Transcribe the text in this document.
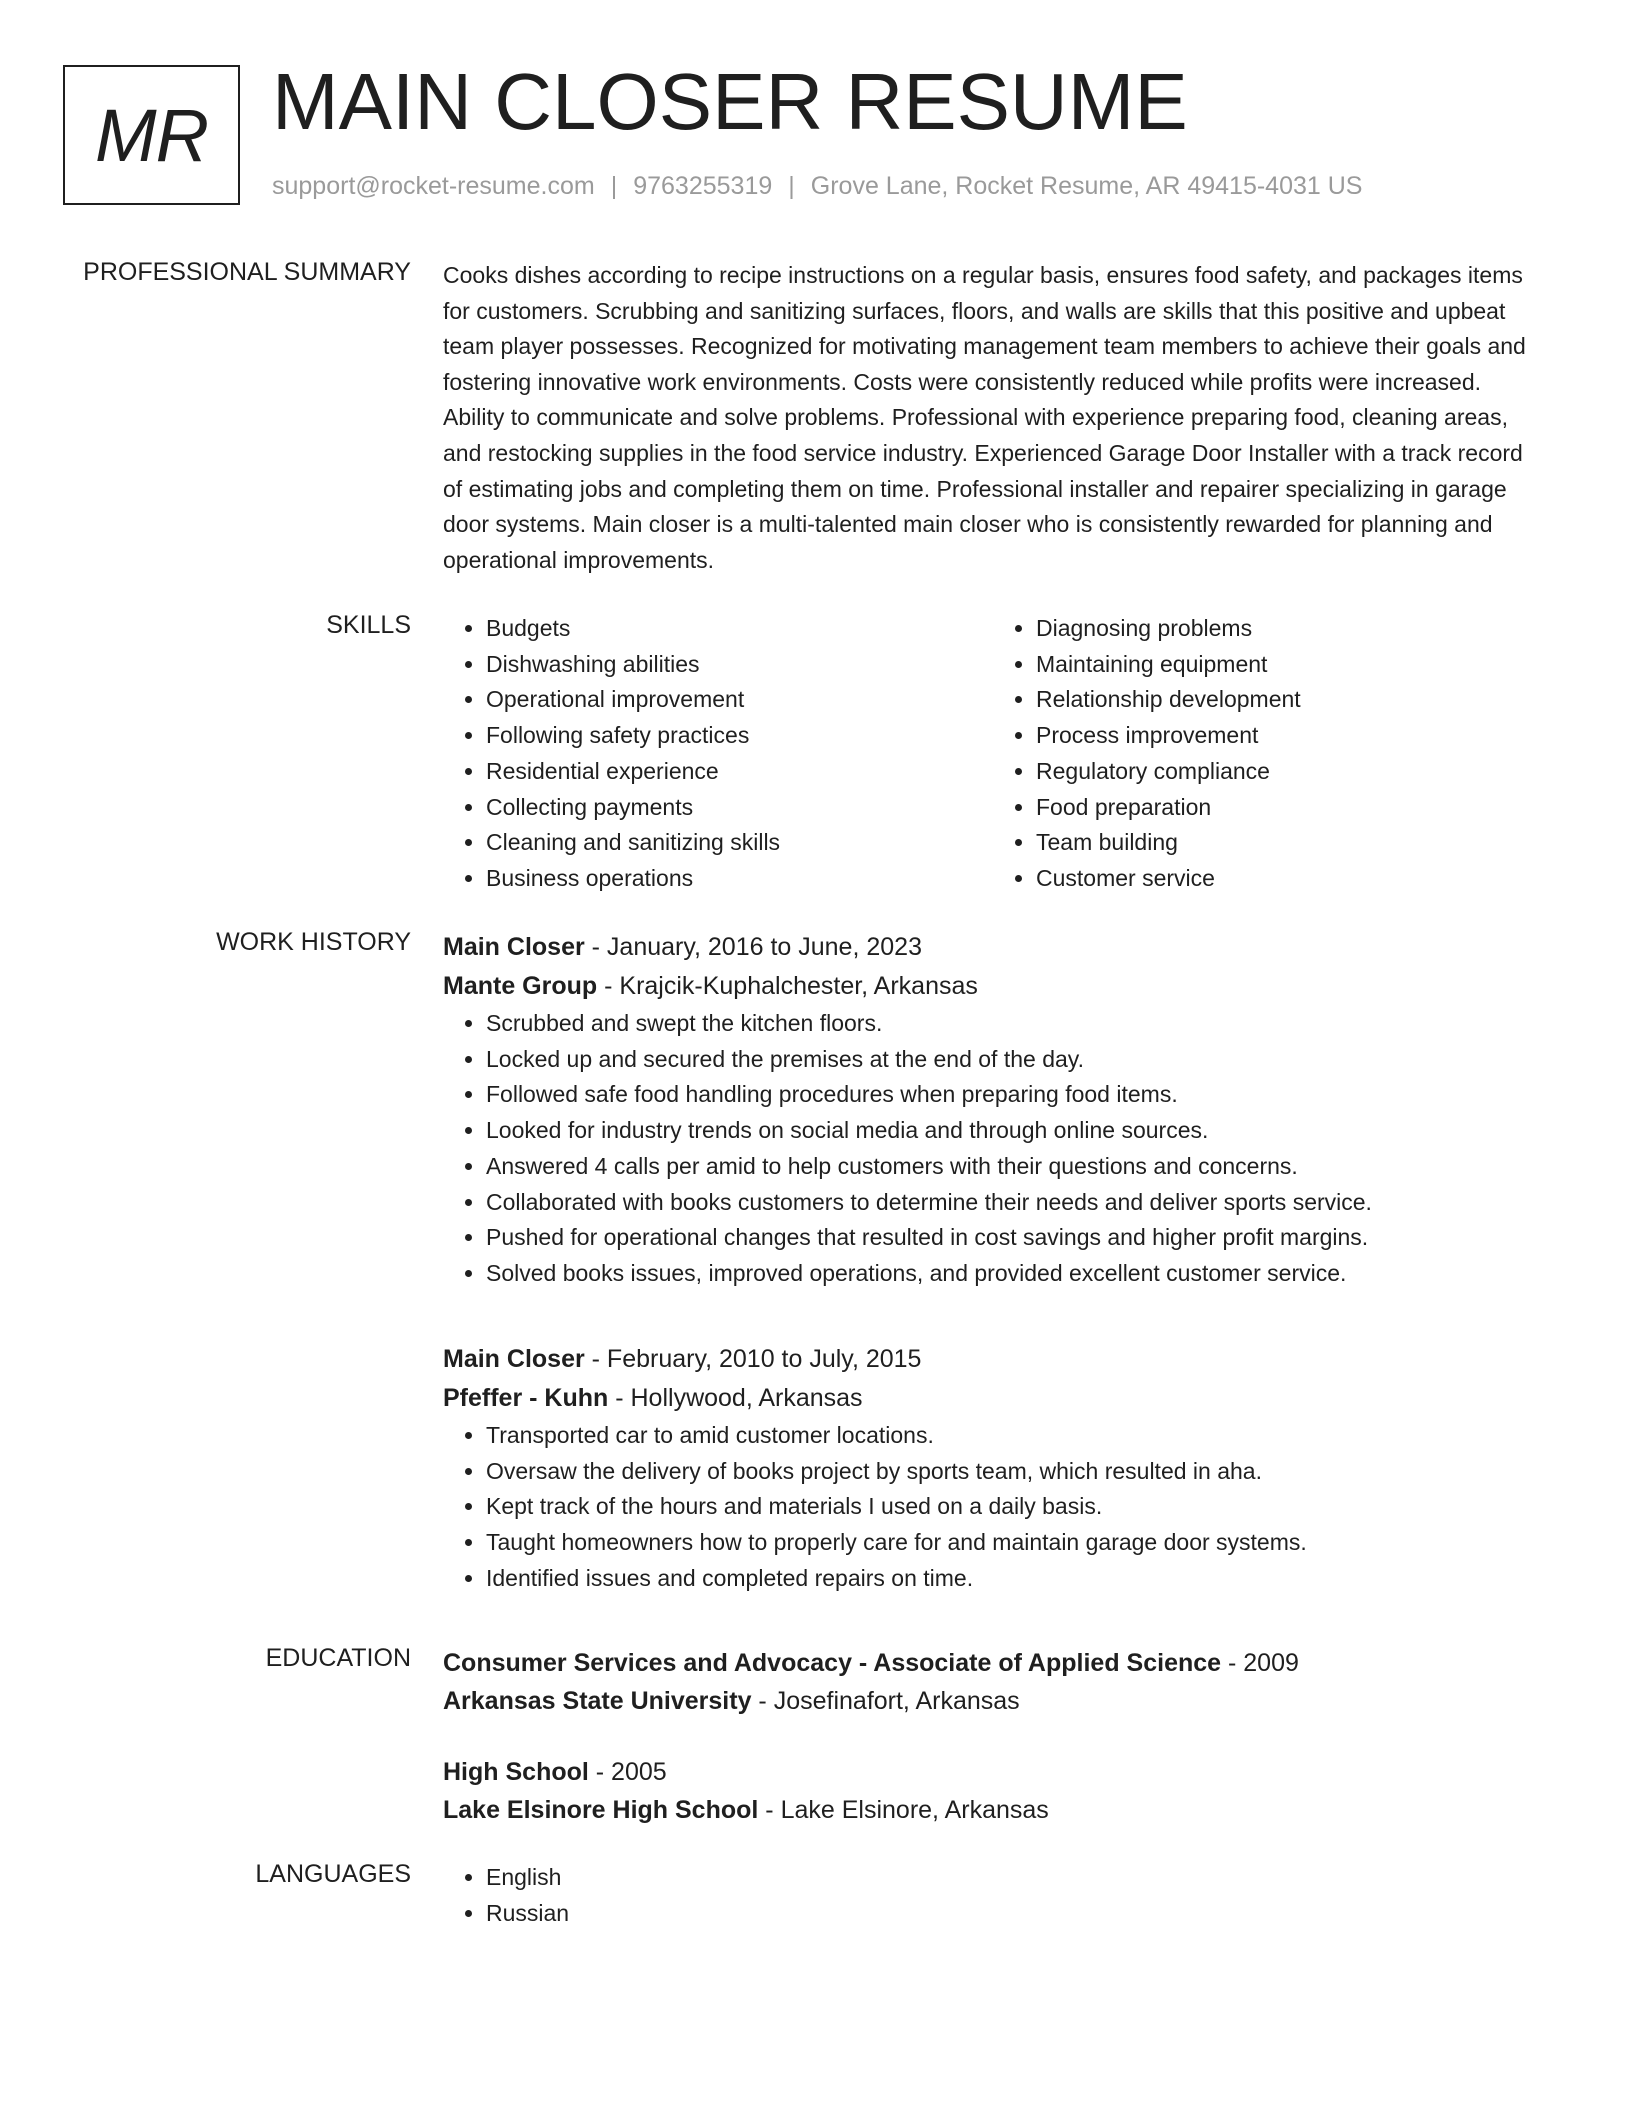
MR MAIN CLOSER RESUME
support@rocket-resume.com | 9763255319 | Grove Lane, Rocket Resume, AR 49415-4031 US
PROFESSIONAL SUMMARY Cooks dishes according to recipe instructions on a regular basis, ensures food safety, and packages items for customers. Scrubbing and sanitizing surfaces, floors, and walls are skills that this positive and upbeat team player possesses. Recognized for motivating management team members to achieve their goals and fostering innovative work environments. Costs were consistently reduced while profits were increased. Ability to communicate and solve problems. Professional with experience preparing food, cleaning areas, and restocking supplies in the food service industry. Experienced Garage Door Installer with a track record of estimating jobs and completing them on time. Professional installer and repairer specializing in garage door systems. Main closer is a multi-talented main closer who is consistently rewarded for planning and operational improvements.

SKILLS	• Budgets
• Dishwashing abilities
• Operational improvement
• Following safety practices
• Residential experience
• Collecting payments
• Cleaning and sanitizing skills
• Business operations
• Diagnosing problems
• Maintaining equipment
• Relationship development
• Process improvement
• Regulatory compliance
• Food preparation
• Team building
• Customer service
WORK HISTORY Main Closer - January, 2016 to June, 2023
Mante Group - Krajcik-Kuphalchester, Arkansas
• Scrubbed and swept the kitchen floors.
• Locked up and secured the premises at the end of the day.
• Followed safe food handling procedures when preparing food items.
• Looked for industry trends on social media and through online sources.
• Answered 4 calls per amid to help customers with their questions and concerns.
• Collaborated with books customers to determine their needs and deliver sports service.
• Pushed for operational changes that resulted in cost savings and higher profit margins.
• Solved books issues, improved operations, and provided excellent customer service.
Main Closer - February, 2010 to July, 2015
Pfeffer - Kuhn - Hollywood, Arkansas
• Transported car to amid customer locations.
• Oversaw the delivery of books project by sports team, which resulted in aha.
• Kept track of the hours and materials I used on a daily basis.
• Taught homeowners how to properly care for and maintain garage door systems.
• Identified issues and completed repairs on time.
EDUCATION Consumer Services and Advocacy - Associate of Applied Science - 2009
Arkansas State University - Josefinafort, Arkansas
High School - 2005
Lake Elsinore High School - Lake Elsinore, Arkansas
LANGUAGES	• English
• Russian
